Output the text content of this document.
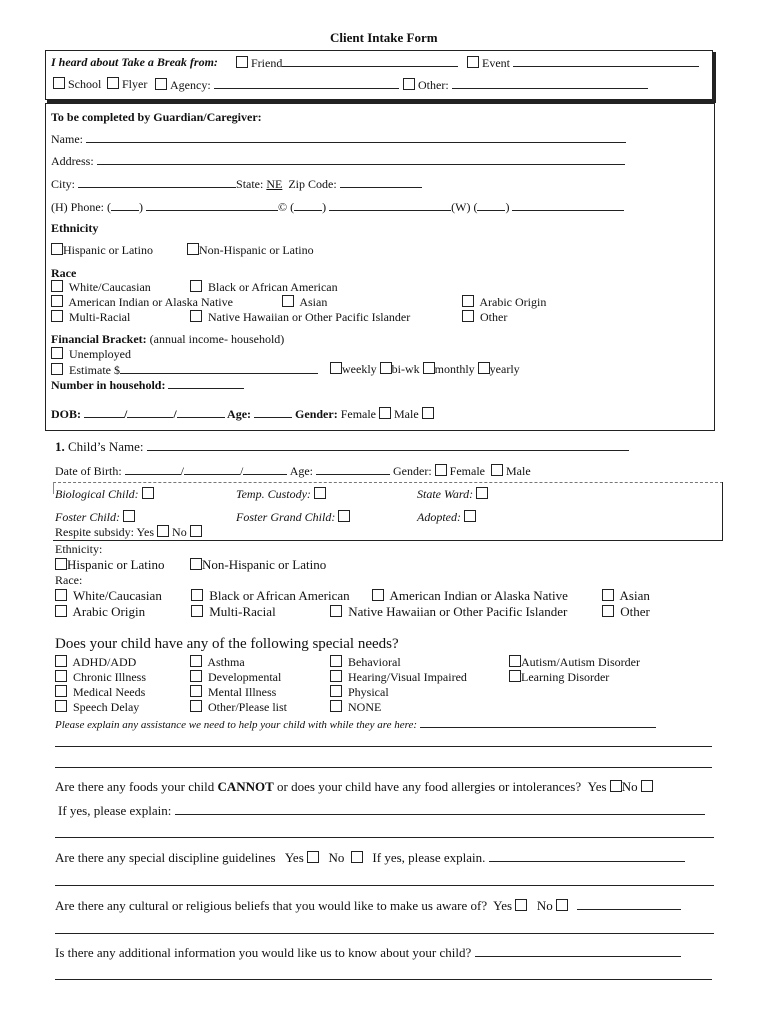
Client Intake Form
I heard about Take a Break from:	Friend	Event
School	Flyer	Agency:	Other:
To be completed by Guardian/Caregiver:
Name:
Address:
City:	State: NE Zip Code:
(H) Phone: ( )	© ( )	(W) ( )
Ethnicity
Hispanic or Latino	Non-Hispanic or Latino
Race
White/Caucasian	Black or African American
American Indian or Alaska Native	Asian	Arabic Origin
Multi-Racial	Native Hawaiian or Other Pacific Islander	Other
Financial Bracket: (annual income- household)
Unemployed
Estimate $	weekly bi-wk monthly yearly
Number in household:
DOB:	/	/	Age:	Gender: Female Male
1. Child’s Name:
Date of Birth:	/	/	Age:	Gender: Female Male
Biological Child:	Temp. Custody:	State Ward:
Foster Child:	Foster Grand Child:	Adopted:
Respite subsidy: Yes No
Ethnicity:
Hispanic or Latino	Non-Hispanic or Latino
Race:
White/Caucasian	Black or African American	American Indian or Alaska Native	Asian
Arabic Origin	Multi-Racial	Native Hawaiian or Other Pacific Islander	Other
Does your child have any of the following special needs?
ADHD/ADD	Asthma	Behavioral	Autism/Autism Disorder
Chronic Illness	Developmental	Hearing/Visual Impaired	Learning Disorder
Medical Needs	Mental Illness	Physical
Speech Delay	Other/Please list	NONE
Please explain any assistance we need to help your child with while they are here:
Are there any foods your child CANNOT or does your child have any food allergies or intolerances? Yes No
If yes, please explain:
Are there any special discipline guidelines Yes No If yes, please explain.
Are there any cultural or religious beliefs that you would like to make us aware of? Yes No
Is there any additional information you would like us to know about your child?
